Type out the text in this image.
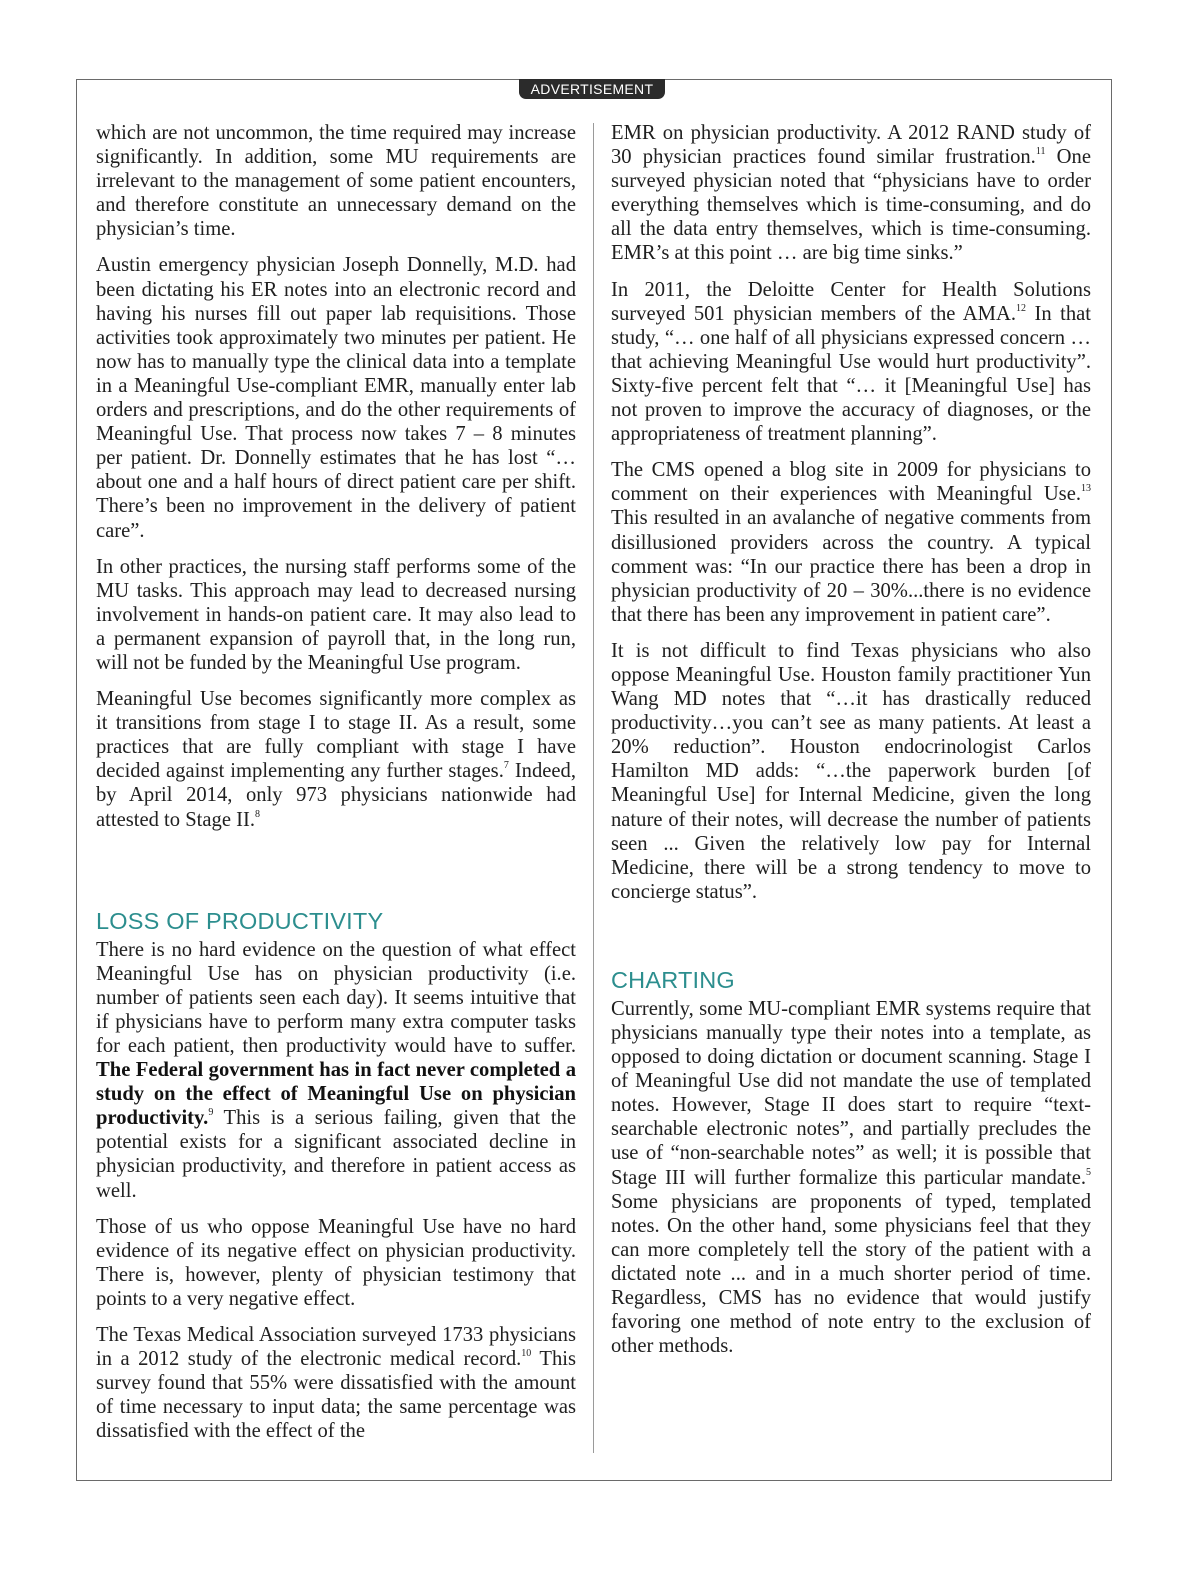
ADVERTISEMENT

which are not uncommon, the time required may increase significantly. In addition, some MU requirements are irrelevant to the management of some patient encounters, and therefore constitute an unnecessary demand on the physician’s time.

Austin emergency physician Joseph Donnelly, M.D. had been dictating his ER notes into an electronic record and having his nurses fill out paper lab requisitions. Those activities took approximately two minutes per patient. He now has to manually type the clinical data into a template in a Meaningful Use-compliant EMR, manually enter lab orders and prescriptions, and do the other requirements of Meaningful Use. That process now takes 7 – 8 minutes per patient. Dr. Donnelly estimates that he has lost “…about one and a half hours of direct patient care per shift. There’s been no improvement in the delivery of patient care”.

In other practices, the nursing staff performs some of the MU tasks. This approach may lead to decreased nursing involvement in hands-on patient care. It may also lead to a permanent expansion of payroll that, in the long run, will not be funded by the Meaningful Use program.

Meaningful Use becomes significantly more complex as it transitions from stage I to stage II. As a result, some practices that are fully compliant with stage I have decided against implementing any further stages.$^7$ Indeed, by April 2014, only 973 physicians nationwide had attested to Stage II.$^8$

LOSS OF PRODUCTIVITY

There is no hard evidence on the question of what effect Meaningful Use has on physician productivity (i.e. number of patients seen each day). It seems intuitive that if physicians have to perform many extra computer tasks for each patient, then productivity would have to suffer. The Federal government has in fact never completed a study on the effect of Meaningful Use on physician productivity.$^9$ This is a serious failing, given that the potential exists for a significant associated decline in physician productivity, and therefore in patient access as well.

Those of us who oppose Meaningful Use have no hard evidence of its negative effect on physician productivity. There is, however, plenty of physician testimony that points to a very negative effect.

The Texas Medical Association surveyed 1733 physicians in a 2012 study of the electronic medical record.$^{10}$ This survey found that 55% were dissatisfied with the amount of time necessary to input data; the same percentage was dissatisfied with the effect of the

EMR on physician productivity. A 2012 RAND study of 30 physician practices found similar frustration.$^{11}$ One surveyed physician noted that “physicians have to order everything themselves which is time-consuming, and do all the data entry themselves, which is time-consuming. EMR’s at this point … are big time sinks.”

In 2011, the Deloitte Center for Health Solutions surveyed 501 physician members of the AMA.$^{12}$ In that study, “… one half of all physicians expressed concern … that achieving Meaningful Use would hurt productivity”. Sixty-five percent felt that “… it [Meaningful Use] has not proven to improve the accuracy of diagnoses, or the appropriateness of treatment planning”.

The CMS opened a blog site in 2009 for physicians to comment on their experiences with Meaningful Use.$^{13}$ This resulted in an avalanche of negative comments from disillusioned providers across the country. A typical comment was: “In our practice there has been a drop in physician productivity of 20 – 30%...there is no evidence that there has been any improvement in patient care”.

It is not difficult to find Texas physicians who also oppose Meaningful Use. Houston family practitioner Yun Wang MD notes that “…it has drastically reduced productivity…you can’t see as many patients. At least a 20% reduction”. Houston endocrinologist Carlos Hamilton MD adds: “…the paperwork burden [of Meaningful Use] for Internal Medicine, given the long nature of their notes, will decrease the number of patients seen ... Given the relatively low pay for Internal Medicine, there will be a strong tendency to move to concierge status”.

CHARTING

Currently, some MU-compliant EMR systems require that physicians manually type their notes into a template, as opposed to doing dictation or document scanning. Stage I of Meaningful Use did not mandate the use of templated notes. However, Stage II does start to require “text-searchable electronic notes”, and partially precludes the use of “non-searchable notes” as well; it is possible that Stage III will further formalize this particular mandate.$^5$ Some physicians are proponents of typed, templated notes. On the other hand, some physicians feel that they can more completely tell the story of the patient with a dictated note ... and in a much shorter period of time. Regardless, CMS has no evidence that would justify favoring one method of note entry to the exclusion of other methods.
